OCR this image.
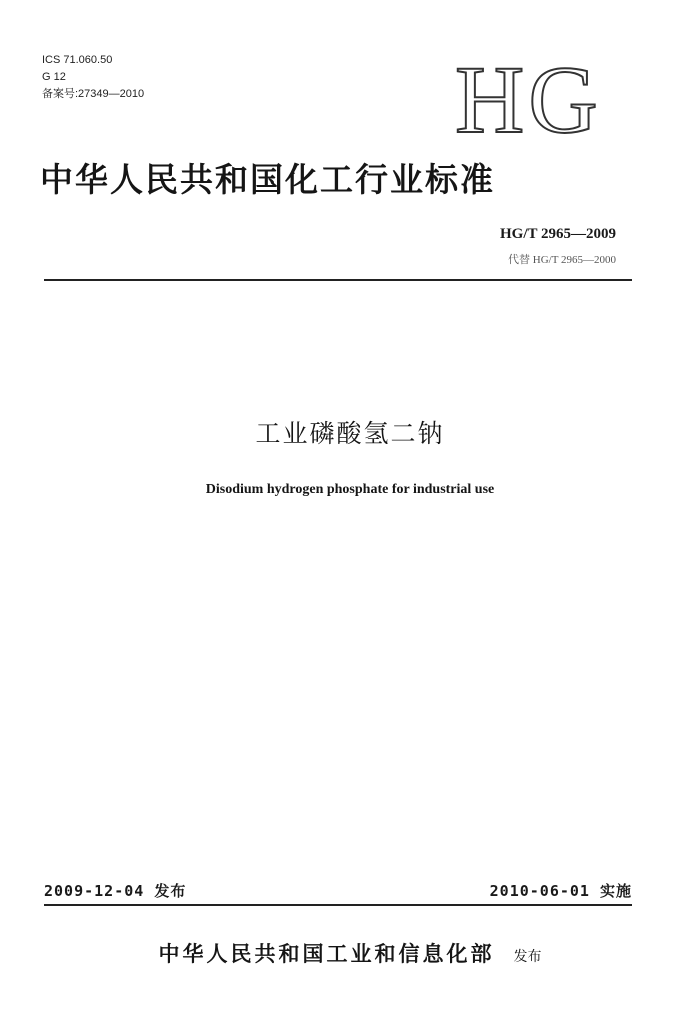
ICS 71.060.50
G 12
备案号:27349—2010	HG
中华人民共和国化工行业标准
HG/T 2965—2009
代替 HG/T 2965—2000
工业磷酸氢二钠
Disodium hydrogen phosphate for industrial use
2009-12-04 发布	2010-06-01 实施
中华人民共和国工业和信息化部 发布
